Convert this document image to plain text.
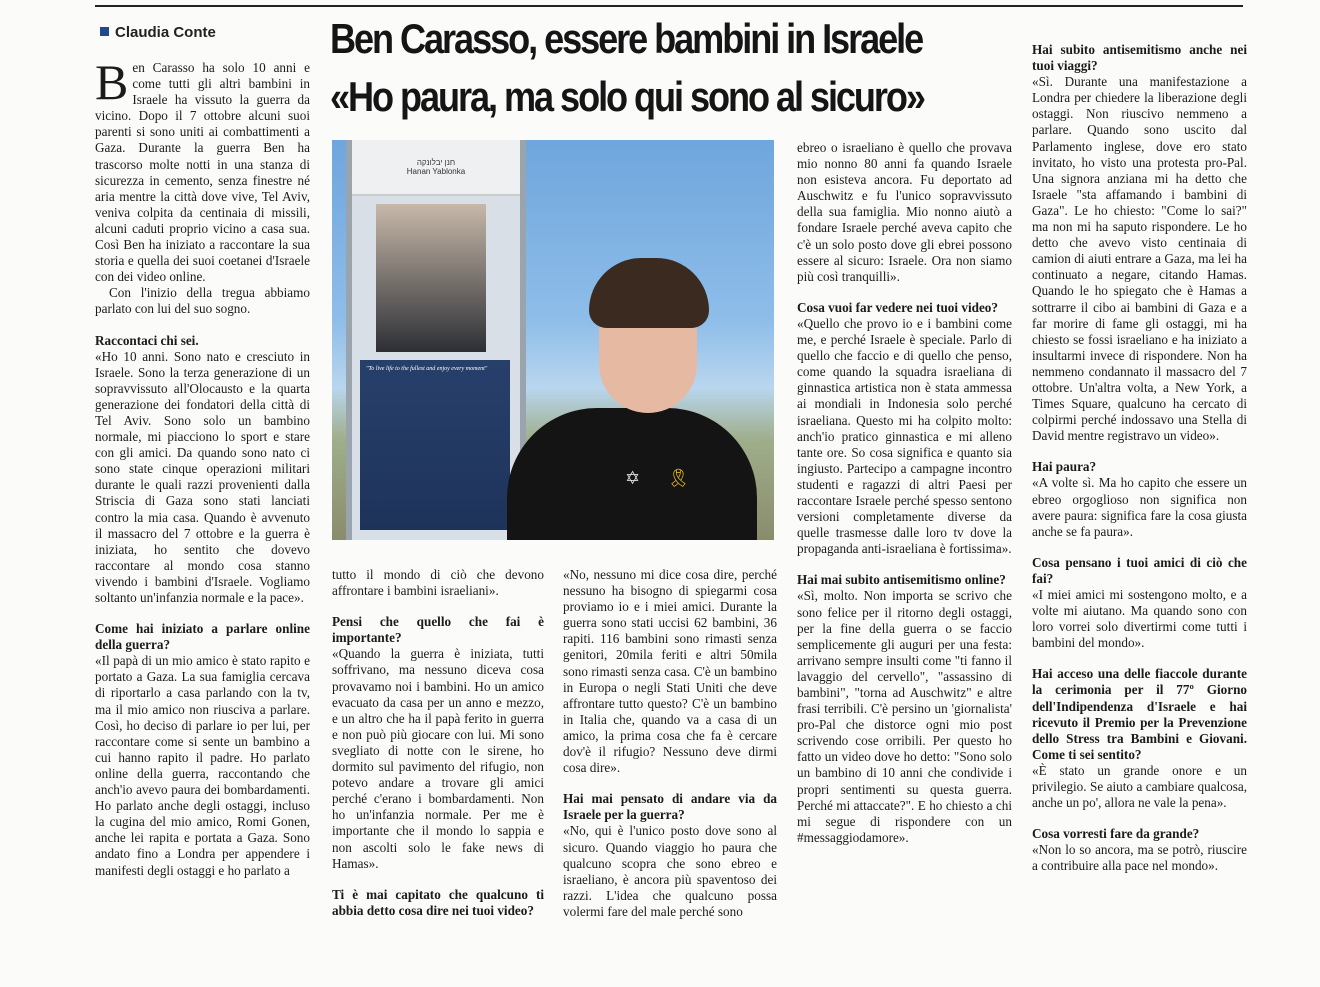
Claudia Conte	Ben Carasso, essere bambini in Israele
«Ho paura, ma solo qui sono al sicuro»

Ben Carasso ha solo 10 anni e come tutti gli altri bambini in Israele ha vissuto la guerra da vicino. Dopo il 7 ottobre alcuni suoi parenti si sono uniti ai combattimenti a Gaza. Durante la guerra Ben ha trascorso molte notti in una stanza di sicurezza in cemento, senza finestre né aria mentre la città dove vive, Tel Aviv, veniva colpita da centinaia di missili, alcuni caduti proprio vicino a casa sua. Così Ben ha iniziato a raccontare la sua storia e quella dei suoi coetanei d'Israele con dei video online.

Con l'inizio della tregua abbiamo parlato con lui del suo sogno.

Raccontaci chi sei.

«Ho 10 anni. Sono nato e cresciuto in Israele. Sono la terza generazione di un sopravvissuto all'Olocausto e la quarta generazione dei fondatori della città di Tel Aviv. Sono solo un bambino normale, mi piacciono lo sport e stare con gli amici. Da quando sono nato ci sono state cinque operazioni militari durante le quali razzi provenienti dalla Striscia di Gaza sono stati lanciati contro la mia casa. Quando è avvenuto il massacro del 7 ottobre e la guerra è iniziata, ho sentito che dovevo raccontare al mondo cosa stanno vivendo i bambini d'Israele. Vogliamo soltanto un'infanzia normale e la pace».

Come hai iniziato a parlare online della guerra?

«Il papà di un mio amico è stato rapito e portato a Gaza. La sua famiglia cercava di riportarlo a casa parlando con la tv, ma il mio amico non riusciva a parlare. Così, ho deciso di parlare io per lui, per raccontare come si sente un bambino a cui hanno rapito il padre. Ho parlato online della guerra, raccontando che anch'io avevo paura dei bombardamenti. Ho parlato anche degli ostaggi, incluso la cugina del mio amico, Romi Gonen, anche lei rapita e portata a Gaza. Sono andato fino a Londra per appendere i manifesti degli ostaggi e ho parlato a

חנן יבלונקה
Hanan Yablonka
"To live life to the fullest and enjoy every moment"
✡ 🎗

tutto il mondo di ciò che devono affrontare i bambini israeliani».

Pensi che quello che fai è importante?

«Quando la guerra è iniziata, tutti soffrivano, ma nessuno diceva cosa provavamo noi i bambini. Ho un amico evacuato da casa per un anno e mezzo, e un altro che ha il papà ferito in guerra e non può più giocare con lui. Mi sono svegliato di notte con le sirene, ho dormito sul pavimento del rifugio, non potevo andare a trovare gli amici perché c'erano i bombardamenti. Non ho un'infanzia normale. Per me è importante che il mondo lo sappia e non ascolti solo le fake news di Hamas».

Ti è mai capitato che qualcuno ti abbia detto cosa dire nei tuoi video?

«No, nessuno mi dice cosa dire, perché nessuno ha bisogno di spiegarmi cosa proviamo io e i miei amici. Durante la guerra sono stati uccisi 62 bambini, 36 rapiti. 116 bambini sono rimasti senza genitori, 20mila feriti e altri 50mila sono rimasti senza casa. C'è un bambino in Europa o negli Stati Uniti che deve affrontare tutto questo? C'è un bambino in Italia che, quando va a casa di un amico, la prima cosa che fa è cercare dov'è il rifugio? Nessuno deve dirmi cosa dire».

Hai mai pensato di andare via da Israele per la guerra?

«No, qui è l'unico posto dove sono al sicuro. Quando viaggio ho paura che qualcuno scopra che sono ebreo e israeliano, è ancora più spaventoso dei razzi. L'idea che qualcuno possa volermi fare del male perché sono

ebreo o israeliano è quello che provava mio nonno 80 anni fa quando Israele non esisteva ancora. Fu deportato ad Auschwitz e fu l'unico sopravvissuto della sua famiglia. Mio nonno aiutò a fondare Israele perché aveva capito che c'è un solo posto dove gli ebrei possono essere al sicuro: Israele. Ora non siamo più così tranquilli».

Cosa vuoi far vedere nei tuoi video?

«Quello che provo io e i bambini come me, e perché Israele è speciale. Parlo di quello che faccio e di quello che penso, come quando la squadra israeliana di ginnastica artistica non è stata ammessa ai mondiali in Indonesia solo perché israeliana. Questo mi ha colpito molto: anch'io pratico ginnastica e mi alleno tante ore. So cosa significa e quanto sia ingiusto. Partecipo a campagne incontro studenti e ragazzi di altri Paesi per raccontare Israele perché spesso sentono versioni completamente diverse da quelle trasmesse dalle loro tv dove la propaganda anti-israeliana è fortissima».

Hai mai subito antisemitismo online?

«Sì, molto. Non importa se scrivo che sono felice per il ritorno degli ostaggi, per la fine della guerra o se faccio semplicemente gli auguri per una festa: arrivano sempre insulti come "ti fanno il lavaggio del cervello", "assassino di bambini", "torna ad Auschwitz" e altre frasi terribili. C'è persino un 'giornalista' pro-Pal che distorce ogni mio post scrivendo cose orribili. Per questo ho fatto un video dove ho detto: "Sono solo un bambino di 10 anni che condivide i propri sentimenti su questa guerra. Perché mi attaccate?". E ho chiesto a chi mi segue di rispondere con un #messaggiodamore».

Hai subito antisemitismo anche nei tuoi viaggi?

«Sì. Durante una manifestazione a Londra per chiedere la liberazione degli ostaggi. Non riuscivo nemmeno a parlare. Quando sono uscito dal Parlamento inglese, dove ero stato invitato, ho visto una protesta pro-Pal. Una signora anziana mi ha detto che Israele "sta affamando i bambini di Gaza". Le ho chiesto: "Come lo sai?" ma non mi ha saputo rispondere. Le ho detto che avevo visto centinaia di camion di aiuti entrare a Gaza, ma lei ha continuato a negare, citando Hamas. Quando le ho spiegato che è Hamas a sottrarre il cibo ai bambini di Gaza e a far morire di fame gli ostaggi, mi ha chiesto se fossi israeliano e ha iniziato a insultarmi invece di rispondere. Non ha nemmeno condannato il massacro del 7 ottobre. Un'altra volta, a New York, a Times Square, qualcuno ha cercato di colpirmi perché indossavo una Stella di David mentre registravo un video».

Hai paura?

«A volte sì. Ma ho capito che essere un ebreo orgoglioso non significa non avere paura: significa fare la cosa giusta anche se fa paura».

Cosa pensano i tuoi amici di ciò che fai?

«I miei amici mi sostengono molto, e a volte mi aiutano. Ma quando sono con loro vorrei solo divertirmi come tutti i bambini del mondo».

Hai acceso una delle fiaccole durante la cerimonia per il 77º Giorno dell'Indipendenza d'Israele e hai ricevuto il Premio per la Prevenzione dello Stress tra Bambini e Giovani. Come ti sei sentito?

«È stato un grande onore e un privilegio. Se aiuto a cambiare qualcosa, anche un po', allora ne vale la pena».

Cosa vorresti fare da grande?

«Non lo so ancora, ma se potrò, riuscire a contribuire alla pace nel mondo».
